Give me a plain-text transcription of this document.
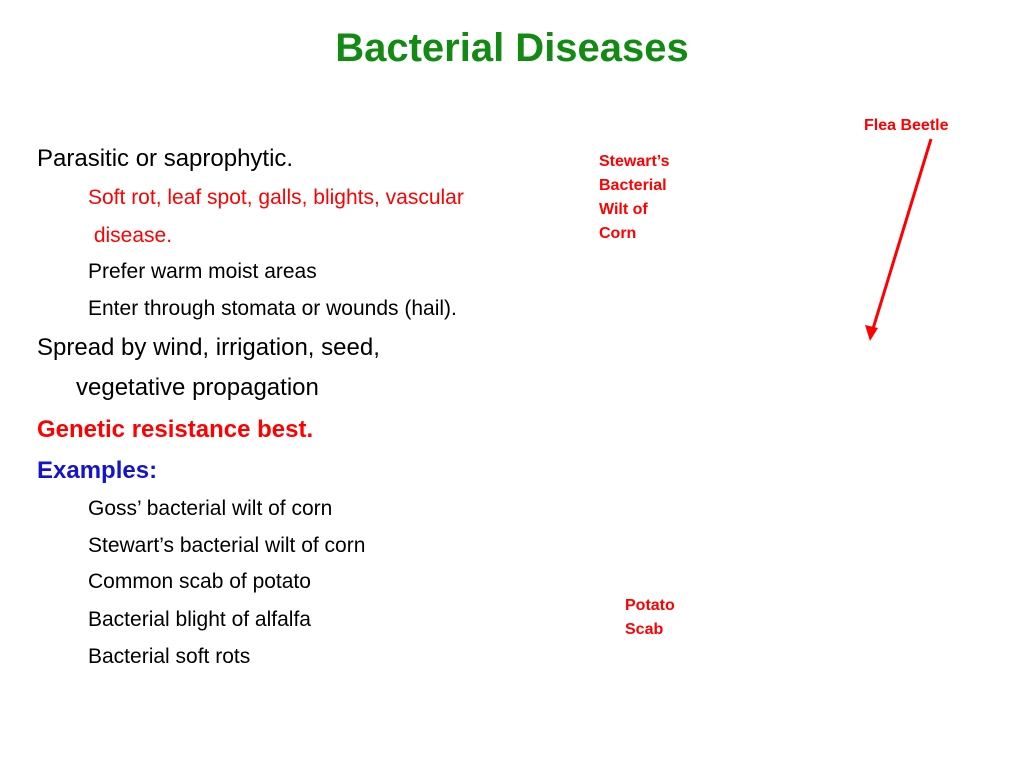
Bacterial Diseases
Parasitic or saprophytic.
Soft rot, leaf spot, galls, blights, vascular
disease.
Prefer warm moist areas
Enter through stomata or wounds (hail).
Spread by wind, irrigation, seed,
vegetative propagation
Genetic resistance best.
Examples:
Goss’ bacterial wilt of corn
Stewart’s bacterial wilt of corn
Common scab of potato
Bacterial blight of alfalfa
Bacterial soft rots
Flea Beetle
Stewart’s
Bacterial
Wilt of
Corn
Potato
Scab
